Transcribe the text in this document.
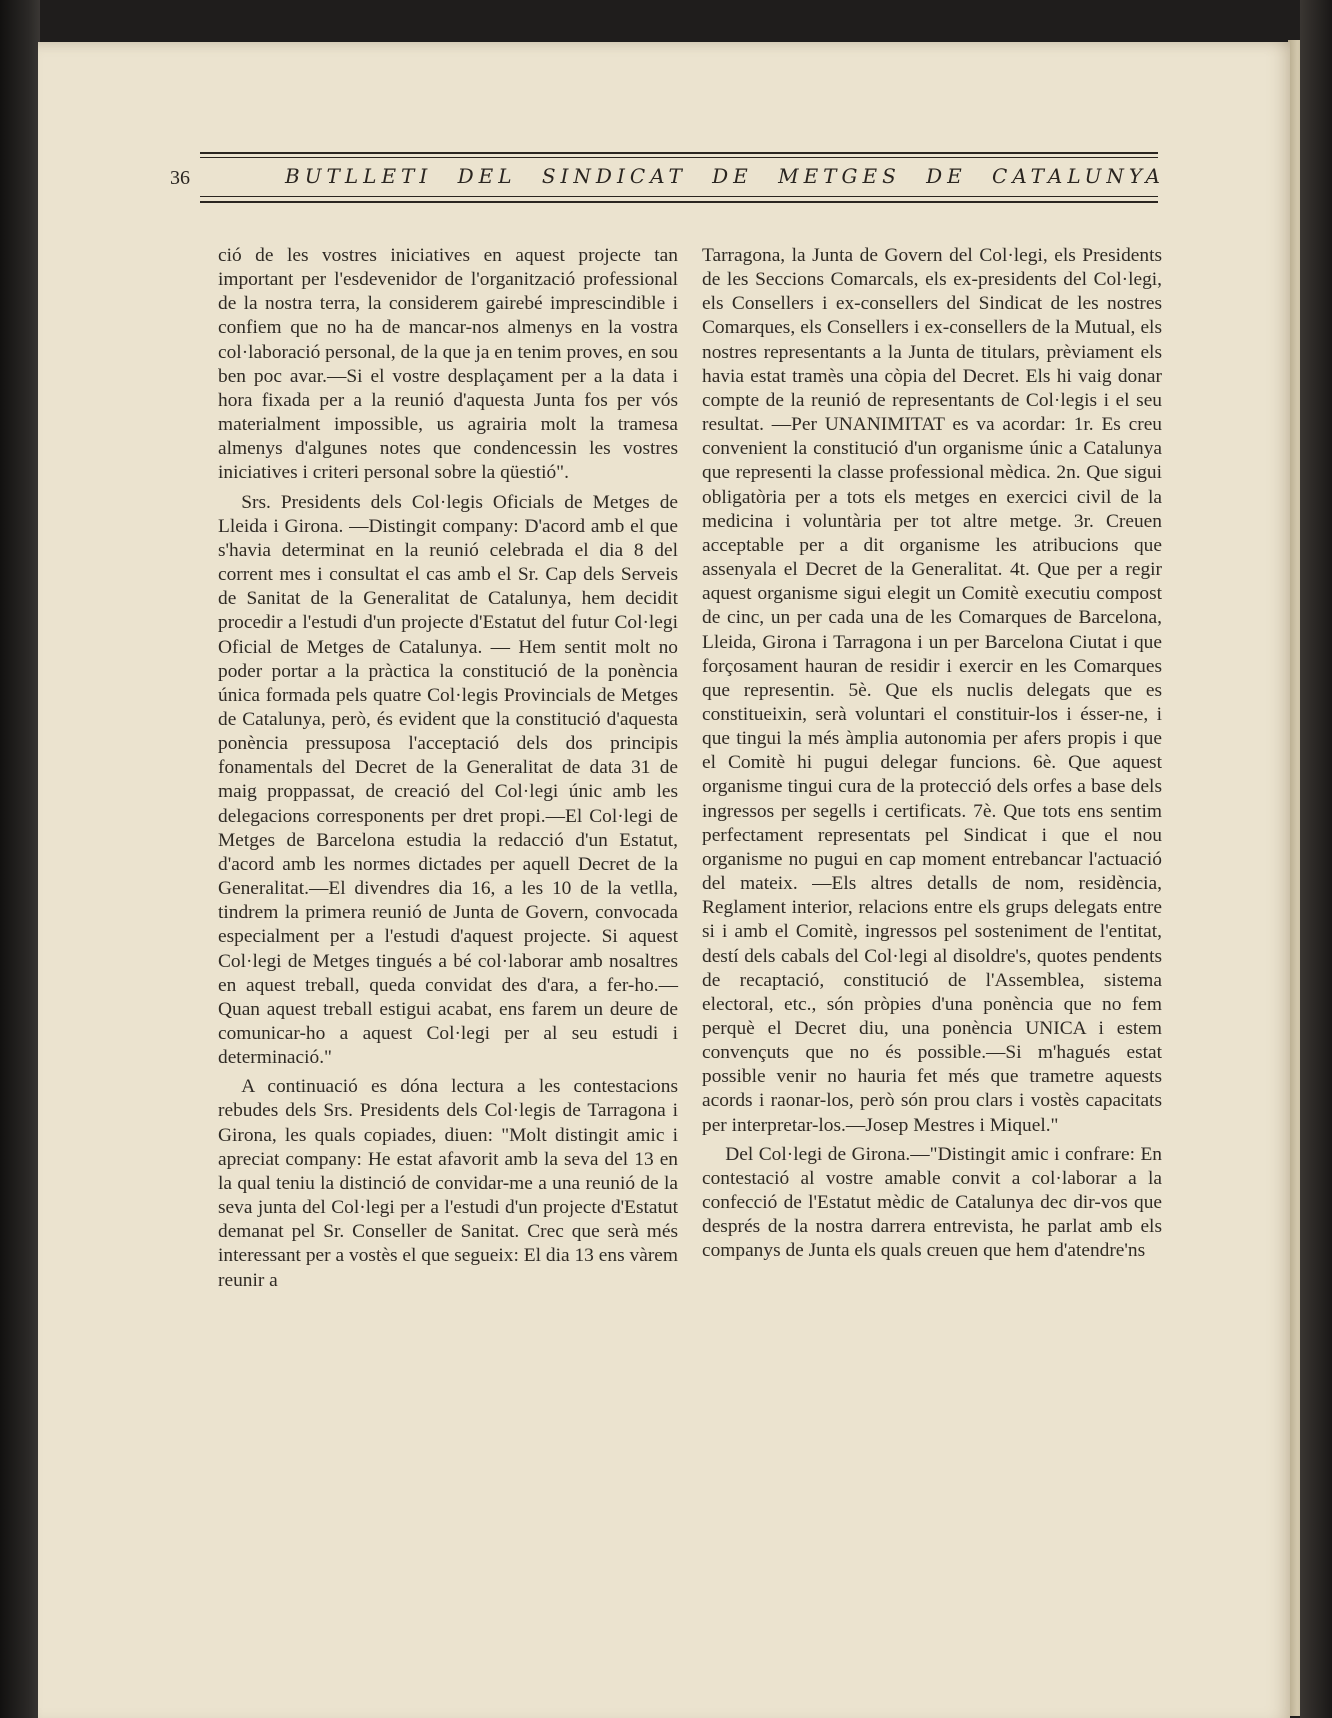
36	BUTLLETI DEL SINDICAT DE METGES DE CATALUNYA

ció de les vostres iniciatives en aquest projecte tan important per l'esdevenidor de l'organització professional de la nostra terra, la considerem gairebé imprescindible i confiem que no ha de mancar-nos almenys en la vostra col·laboració personal, de la que ja en tenim proves, en sou ben poc avar.—Si el vostre desplaçament per a la data i hora fixada per a la reunió d'aquesta Junta fos per vós materialment impossible, us agrairia molt la tramesa almenys d'algunes notes que condencessin les vostres iniciatives i criteri personal sobre la qüestió".

Srs. Presidents dels Col·legis Oficials de Metges de Lleida i Girona. —Distingit company: D'acord amb el que s'havia determinat en la reunió celebrada el dia 8 del corrent mes i consultat el cas amb el Sr. Cap dels Serveis de Sanitat de la Generalitat de Catalunya, hem decidit procedir a l'estudi d'un projecte d'Estatut del futur Col·legi Oficial de Metges de Catalunya. — Hem sentit molt no poder portar a la pràctica la constitució de la ponència única formada pels quatre Col·legis Provincials de Metges de Catalunya, però, és evident que la constitució d'aquesta ponència pressuposa l'acceptació dels dos principis fonamentals del Decret de la Generalitat de data 31 de maig proppassat, de creació del Col·legi únic amb les delegacions corresponents per dret propi.—El Col·legi de Metges de Barcelona estudia la redacció d'un Estatut, d'acord amb les normes dictades per aquell Decret de la Generalitat.—El divendres dia 16, a les 10 de la vetlla, tindrem la primera reunió de Junta de Govern, convocada especialment per a l'estudi d'aquest projecte. Si aquest Col·legi de Metges tingués a bé col·laborar amb nosaltres en aquest treball, queda convidat des d'ara, a fer-ho.—Quan aquest treball estigui acabat, ens farem un deure de comunicar-ho a aquest Col·legi per al seu estudi i determinació."

A continuació es dóna lectura a les contestacions rebudes dels Srs. Presidents dels Col·legis de Tarragona i Girona, les quals copiades, diuen: "Molt distingit amic i apreciat company: He estat afavorit amb la seva del 13 en la qual teniu la distinció de convidar-me a una reunió de la seva junta del Col·legi per a l'estudi d'un projecte d'Estatut demanat pel Sr. Conseller de Sanitat. Crec que serà més interessant per a vostès el que segueix: El dia 13 ens vàrem reunir a

Tarragona, la Junta de Govern del Col·legi, els Presidents de les Seccions Comarcals, els ex-presidents del Col·legi, els Consellers i ex-consellers del Sindicat de les nostres Comarques, els Consellers i ex-consellers de la Mutual, els nostres representants a la Junta de titulars, prèviament els havia estat tramès una còpia del Decret. Els hi vaig donar compte de la reunió de representants de Col·legis i el seu resultat. —Per UNANIMITAT es va acordar: 1r. Es creu convenient la constitució d'un organisme únic a Catalunya que representi la classe professional mèdica. 2n. Que sigui obligatòria per a tots els metges en exercici civil de la medicina i voluntària per tot altre metge. 3r. Creuen acceptable per a dit organisme les atribucions que assenyala el Decret de la Generalitat. 4t. Que per a regir aquest organisme sigui elegit un Comitè executiu compost de cinc, un per cada una de les Comarques de Barcelona, Lleida, Girona i Tarragona i un per Barcelona Ciutat i que forçosament hauran de residir i exercir en les Comarques que representin. 5è. Que els nuclis delegats que es constitueixin, serà voluntari el constituir-los i ésser-ne, i que tingui la més àmplia autonomia per afers propis i que el Comitè hi pugui delegar funcions. 6è. Que aquest organisme tingui cura de la protecció dels orfes a base dels ingressos per segells i certificats. 7è. Que tots ens sentim perfectament representats pel Sindicat i que el nou organisme no pugui en cap moment entrebancar l'actuació del mateix. —Els altres detalls de nom, residència, Reglament interior, relacions entre els grups delegats entre si i amb el Comitè, ingressos pel sosteniment de l'entitat, destí dels cabals del Col·legi al disoldre's, quotes pendents de recaptació, constitució de l'Assemblea, sistema electoral, etc., són pròpies d'una ponència que no fem perquè el Decret diu, una ponència UNICA i estem convençuts que no és possible.—Si m'hagués estat possible venir no hauria fet més que trametre aquests acords i raonar-los, però són prou clars i vostès capacitats per interpretar-los.—Josep Mestres i Miquel."

Del Col·legi de Girona.—"Distingit amic i confrare: En contestació al vostre amable convit a col·laborar a la confecció de l'Estatut mèdic de Catalunya dec dir-vos que després de la nostra darrera entrevista, he parlat amb els companys de Junta els quals creuen que hem d'atendre'ns
